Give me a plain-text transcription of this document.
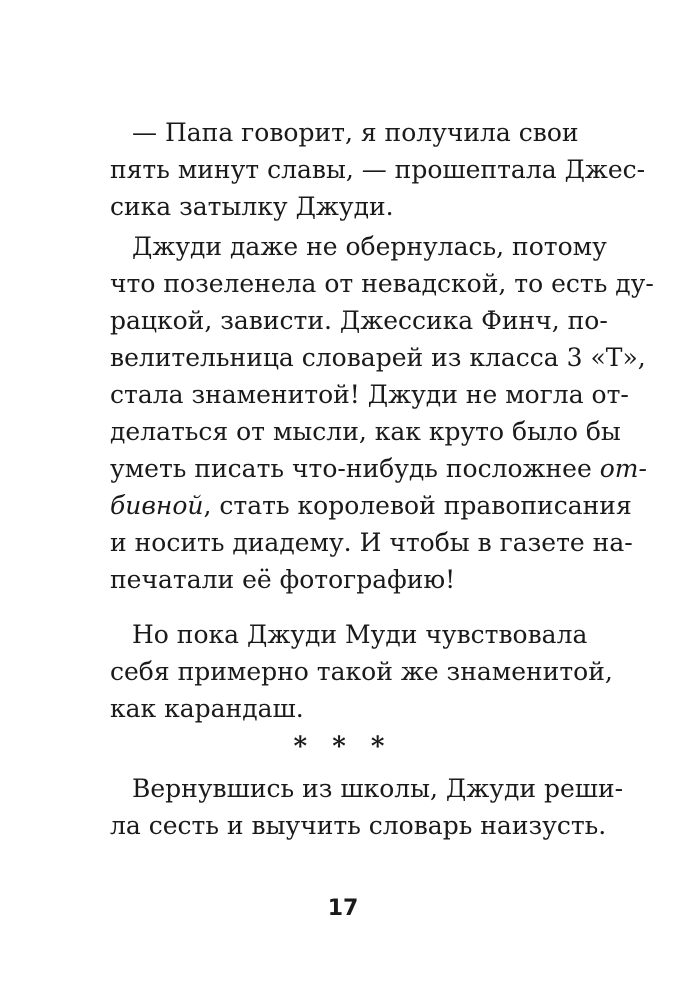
— Папа говорит, я получила свои
пять минут славы, — прошептала Джес-
сика затылку Джуди.
Джуди даже не обернулась, потому
что позеленела от невадской, то есть ду-
рацкой, зависти. Джессика Финч, по-
велительница словарей из класса 3 «Т»,
стала знаменитой! Джуди не могла от-
делаться от мысли, как круто было бы
уметь писать что-нибудь посложнее от-
бивной, стать королевой правописания
и носить диадему. И чтобы в газете на-
печатали её фотографию!
Но пока Джуди Муди чувствовала
себя примерно такой же знаменитой,
как карандаш.
* * *
Вернувшись из школы, Джуди реши-
ла сесть и выучить словарь наизусть.
17
